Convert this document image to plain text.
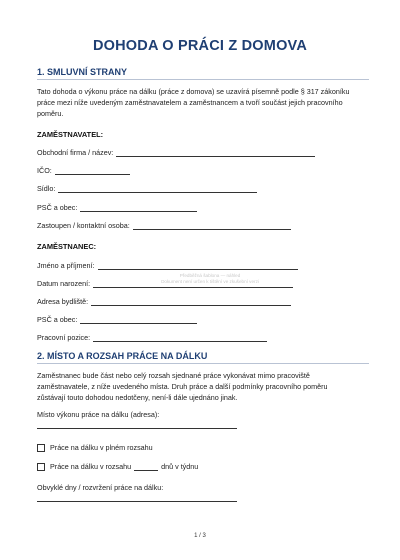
DOHODA O PRÁCI Z DOMOVA
1. SMLUVNÍ STRANY
Tato dohoda o výkonu práce na dálku (práce z domova) se uzavírá písemně podle § 317 zákoníku
práce mezi níže uvedeným zaměstnavatelem a zaměstnancem a tvoří součást jejich pracovního
poměru.
ZAMĚSTNAVATEL:
Obchodní firma / název:
IČO:
Sídlo:
PSČ a obec:
Zastoupen / kontaktní osoba:
ZAMĚSTNANEC:
Jméno a příjmení:
Datum narození:
Adresa bydliště:
PSČ a obec:
Pracovní pozice:
Předběžná šablona — náhled
Dokument není určen k tištění ve zkušební verzi
2. MÍSTO A ROZSAH PRÁCE NA DÁLKU
Zaměstnanec bude část nebo celý rozsah sjednané práce vykonávat mimo pracoviště
zaměstnavatele, z níže uvedeného místa. Druh práce a další podmínky pracovního poměru
zůstávají touto dohodou nedotčeny, není-li dále ujednáno jinak.
Místo výkonu práce na dálku (adresa):
Práce na dálku v plném rozsahu
Práce na dálku v rozsahu	dnů v týdnu
Obvyklé dny / rozvržení práce na dálku:
1 / 3
